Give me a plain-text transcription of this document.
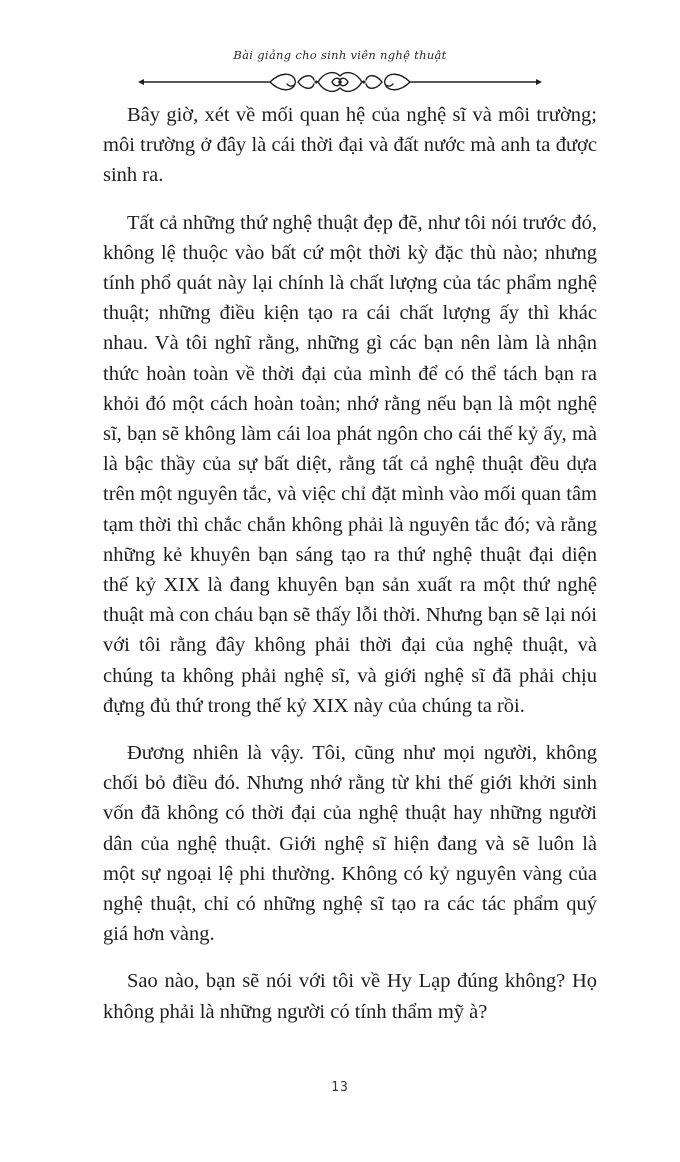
Bài giảng cho sinh viên nghệ thuật

Bây giờ, xét về mối quan hệ của nghệ sĩ và môi trường; môi trường ở đây là cái thời đại và đất nước mà anh ta được sinh ra.

Tất cả những thứ nghệ thuật đẹp đẽ, như tôi nói trước đó, không lệ thuộc vào bất cứ một thời kỳ đặc thù nào; nhưng tính phổ quát này lại chính là chất lượng của tác phẩm nghệ thuật; những điều kiện tạo ra cái chất lượng ấy thì khác nhau. Và tôi nghĩ rằng, những gì các bạn nên làm là nhận thức hoàn toàn về thời đại của mình để có thể tách bạn ra khỏi đó một cách hoàn toàn; nhớ rằng nếu bạn là một nghệ sĩ, bạn sẽ không làm cái loa phát ngôn cho cái thế kỷ ấy, mà là bậc thầy của sự bất diệt, rằng tất cả nghệ thuật đều dựa trên một nguyên tắc, và việc chỉ đặt mình vào mối quan tâm tạm thời thì chắc chắn không phải là nguyên tắc đó; và rằng những kẻ khuyên bạn sáng tạo ra thứ nghệ thuật đại diện thế kỷ XIX là đang khuyên bạn sản xuất ra một thứ nghệ thuật mà con cháu bạn sẽ thấy lỗi thời. Nhưng bạn sẽ lại nói với tôi rằng đây không phải thời đại của nghệ thuật, và chúng ta không phải nghệ sĩ, và giới nghệ sĩ đã phải chịu đựng đủ thứ trong thế kỷ XIX này của chúng ta rồi.

Đương nhiên là vậy. Tôi, cũng như mọi người, không chối bỏ điều đó. Nhưng nhớ rằng từ khi thế giới khởi sinh vốn đã không có thời đại của nghệ thuật hay những người dân của nghệ thuật. Giới nghệ sĩ hiện đang và sẽ luôn là một sự ngoại lệ phi thường. Không có kỷ nguyên vàng của nghệ thuật, chỉ có những nghệ sĩ tạo ra các tác phẩm quý giá hơn vàng.

Sao nào, bạn sẽ nói với tôi về Hy Lạp đúng không? Họ không phải là những người có tính thẩm mỹ à?

13
